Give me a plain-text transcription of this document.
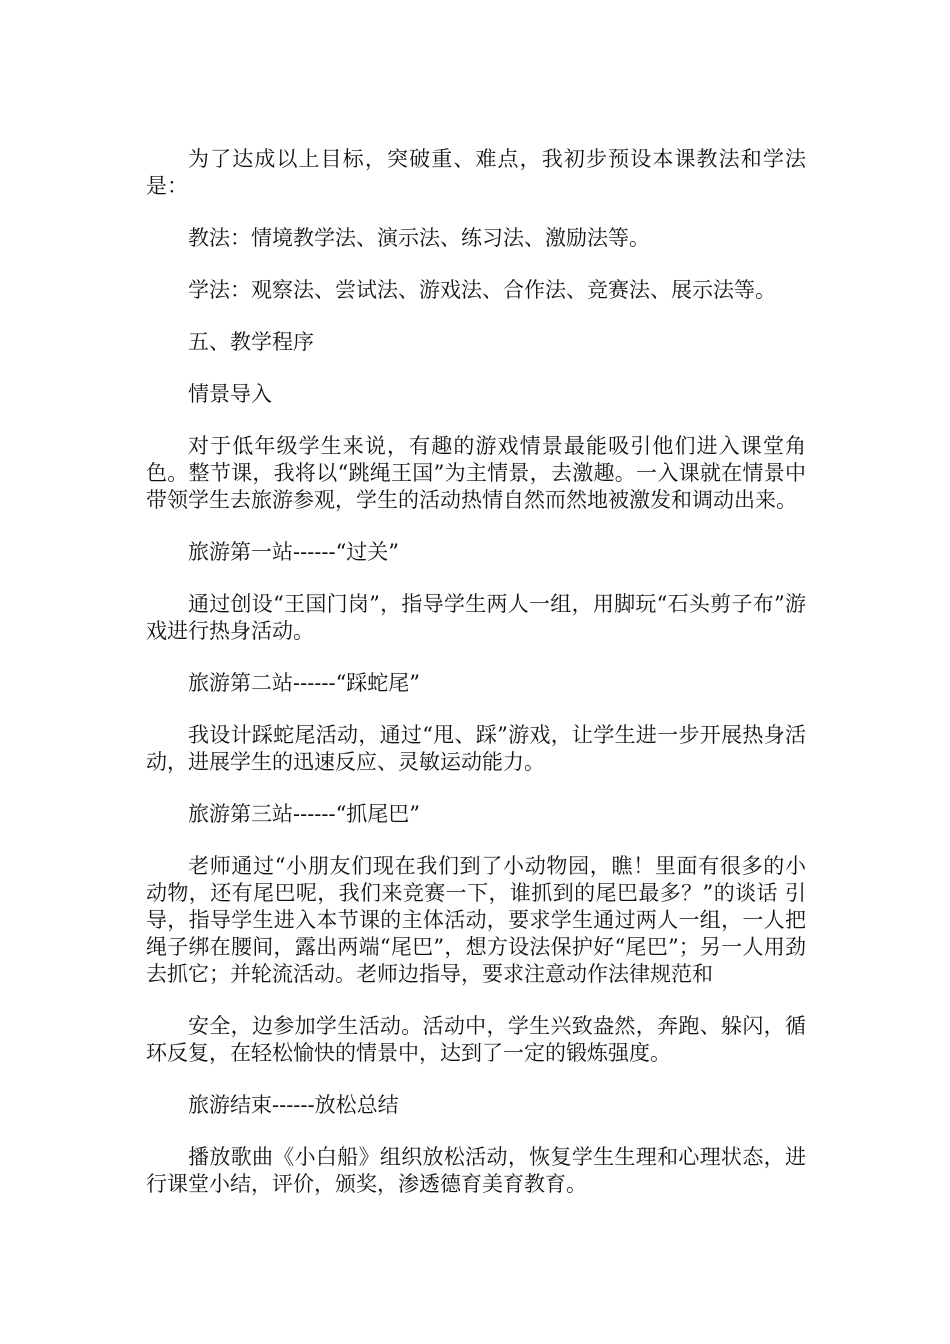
为了达成以上目标，突破重、难点，我初步预设本课教法和学法是：

教法：情境教学法、演示法、练习法、激励法等。

学法：观察法、尝试法、游戏法、合作法、竞赛法、展示法等。

五、教学程序

情景导入

对于低年级学生来说，有趣的游戏情景最能吸引他们进入课堂角色。整节课，我将以“跳绳王国”为主情景，去激趣。一入课就在情景中带领学生去旅游参观，学生的活动热情自然而然地被激发和调动出来。

旅游第一站------“过关”

通过创设“王国门岗”，指导学生两人一组，用脚玩“石头剪子布”游戏进行热身活动。

旅游第二站------“踩蛇尾”

我设计踩蛇尾活动，通过“甩、踩”游戏，让学生进一步开展热身活动，进展学生的迅速反应、灵敏运动能力。

旅游第三站------“抓尾巴”

老师通过“小朋友们现在我们到了小动物园，瞧！里面有很多的小动物，还有尾巴呢，我们来竞赛一下，谁抓到的尾巴最多？”的谈话 引导，指导学生进入本节课的主体活动，要求学生通过两人一组，一人把绳子绑在腰间，露出两端“尾巴”，想方设法保护好“尾巴”；另一人用劲去抓它；并轮流活动。老师边指导，要求注意动作法律规范和

安全，边参加学生活动。活动中，学生兴致盎然，奔跑、躲闪，循环反复，在轻松愉快的情景中，达到了一定的锻炼强度。

旅游结束------放松总结

播放歌曲《小白船》组织放松活动，恢复学生生理和心理状态，进行课堂小结，评价，颁奖，渗透德育美育教育。
